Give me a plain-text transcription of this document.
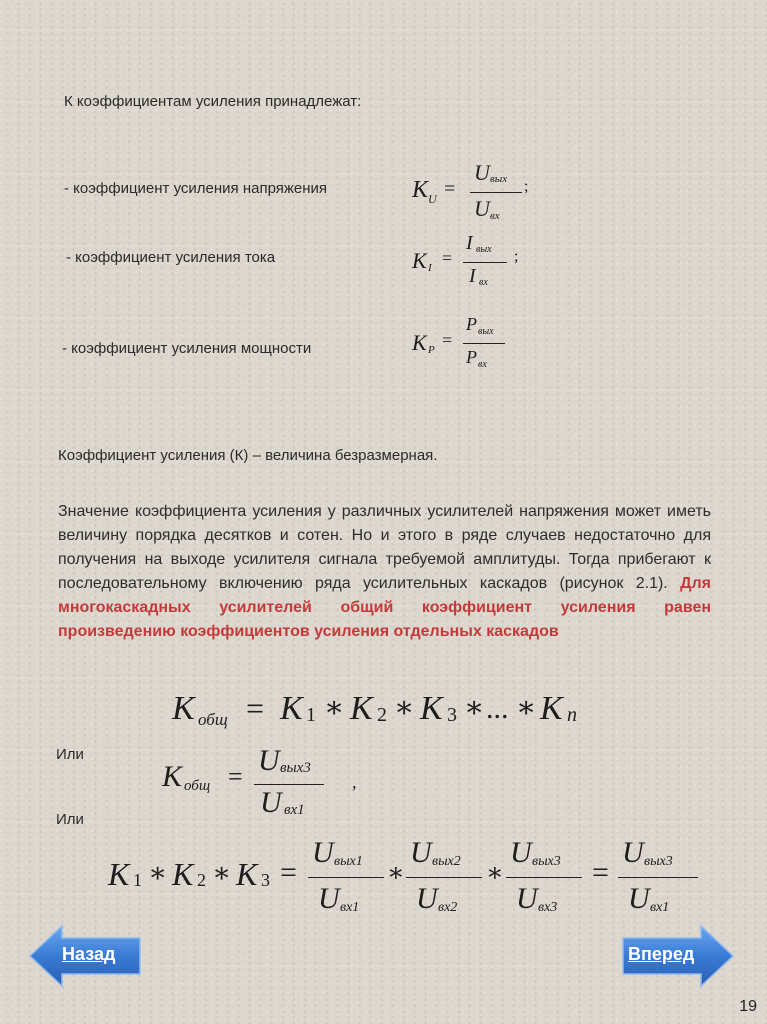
К коэффициентам усиления принадлежат:
- коэффициент усиления напряжения	K U =
U вых
U вх
;
- коэффициент усиления тока	K I =
I вых
I вх
;
- коэффициент усиления мощности	K P =
P вых
P вх
Коэффициент усиления (К) – величина безразмерная.
Значение коэффициента усиления у различных усилителей напряжения может иметь величину порядка десятков и сотен. Но и этого в ряде случаев недостаточно для получения на выходе усилителя сигнала требуемой амплитуды. Тогда прибегают к последовательному включению ряда усилительных каскадов (рисунок 2.1). Для многокаскадных усилителей общий коэффициент усиления равен произведению коэффициентов усиления отдельных каскадов
K общ = K 1 ∗ K 2 ∗ K 3 ∗ ... ∗ K n
Или
K общ = U вых3
U вх1
,
Или
K 1 ∗ K 2 ∗ K 3 =
U вых1
U вх1
∗
U вых2
U вх2
∗
U вых3
U вх3
=
U вых3
U вх1
Назад	Вперед
19
